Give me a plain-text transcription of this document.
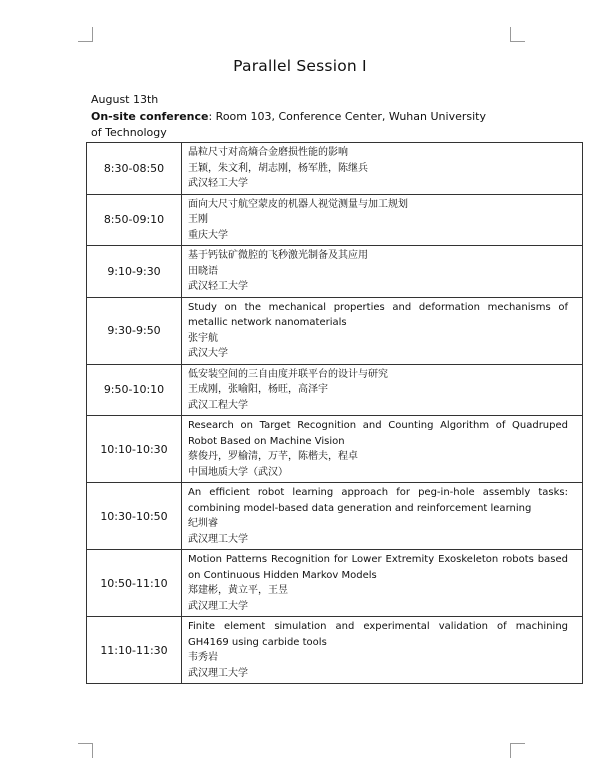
Parallel Session I
August 13th
On-site conference: Room 103, Conference Center, Wuhan University of Technology
8:30-08:50	晶粒尺寸对高熵合金磨损性能的影响
王颖，朱文利，胡志刚，杨军胜，陈继兵
武汉轻工大学

8:50-09:10	面向大尺寸航空蒙皮的机器人视觉测量与加工规划
王刚
重庆大学

9:10-9:30	基于钙钛矿微腔的飞秒激光制备及其应用
田晓语
武汉轻工大学

9:30-9:50	Study on the mechanical properties and deformation mechanisms of metallic network nanomaterials
张宇航
武汉大学

9:50-10:10	低安装空间的三自由度并联平台的设计与研究
王成刚，张喻阳，杨旺，高泽宇
武汉工程大学

10:10-10:30	Research on Target Recognition and Counting Algorithm of Quadruped Robot Based on Machine Vision
蔡俊丹，罗榆清，万芊，陈楷夫，程卓
中国地质大学（武汉）

10:30-10:50	An efficient robot learning approach for peg-in-hole assembly tasks: combining model-based data generation and reinforcement learning
纪圳睿
武汉理工大学

10:50-11:10	Motion Patterns Recognition for Lower Extremity Exoskeleton robots based on Continuous Hidden Markov Models
郑建彬，黄立平，王昱
武汉理工大学

11:10-11:30	Finite element simulation and experimental validation of machining GH4169 using carbide tools
韦秀岩
武汉理工大学
